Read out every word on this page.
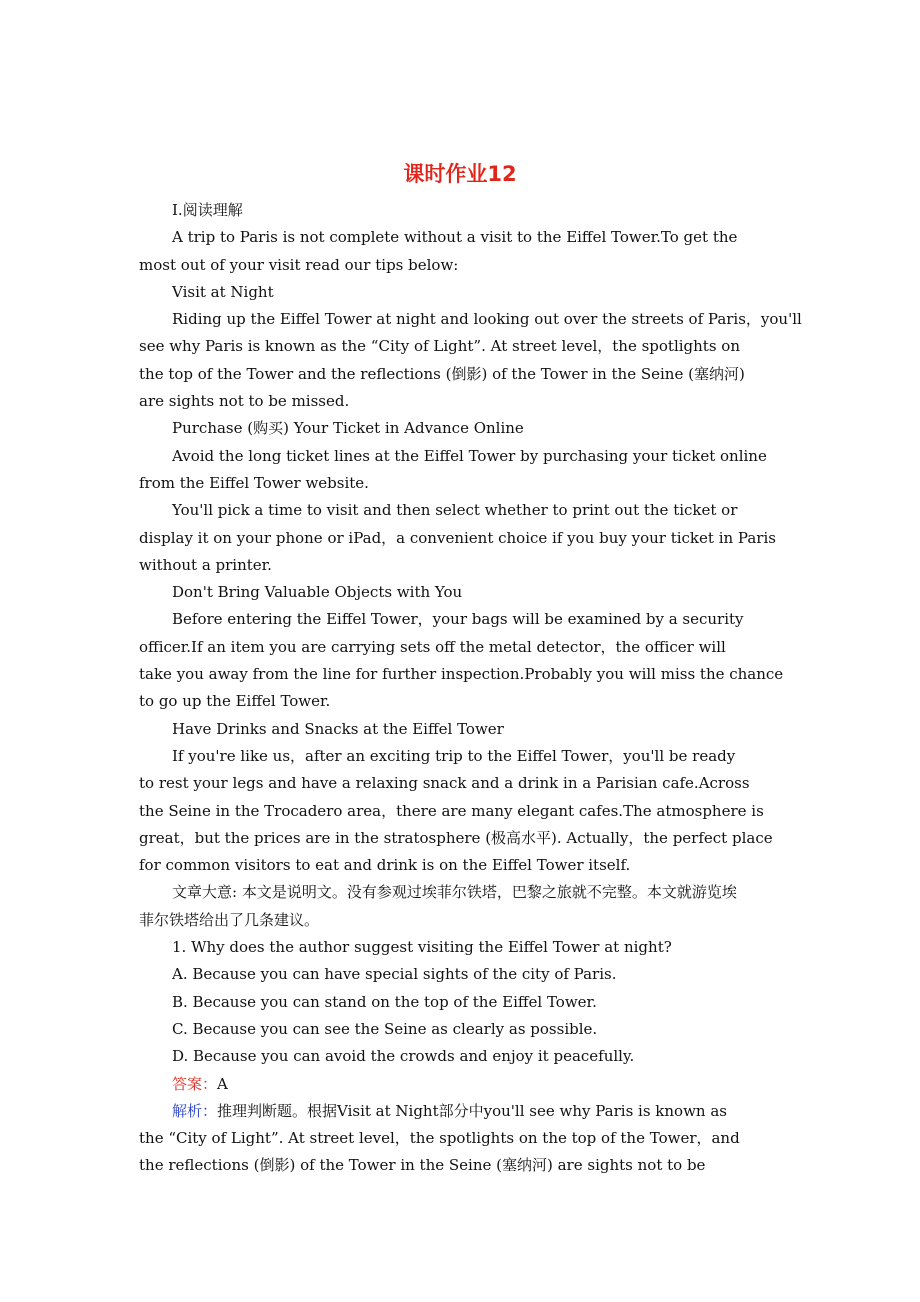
课时作业12
Ⅰ.阅读理解
A trip to Paris is not complete without a visit to the Eiffel Tower.To get the
most out of your visit read our tips below:
Visit at Night
Riding up the Eiffel Tower at night and looking out over the streets of Paris，you'll
see why Paris is known as the “City of Light”. At street level，the spotlights on
the top of the Tower and the reflections (倒影) of the Tower in the Seine (塞纳河)
are sights not to be missed.
Purchase (购买) Your Ticket in Advance Online
Avoid the long ticket lines at the Eiffel Tower by purchasing your ticket online
from the Eiffel Tower website.
You'll pick a time to visit and then select whether to print out the ticket or
display it on your phone or iPad，a convenient choice if you buy your ticket in Paris
without a printer.
Don't Bring Valuable Objects with You
Before entering the Eiffel Tower，your bags will be examined by a security
officer.If an item you are carrying sets off the metal detector，the officer will
take you away from the line for further inspection.Probably you will miss the chance
to go up the Eiffel Tower.
Have Drinks and Snacks at the Eiffel Tower
If you're like us，after an exciting trip to the Eiffel Tower，you'll be ready
to rest your legs and have a relaxing snack and a drink in a Parisian cafe.Across
the Seine in the Trocadero area，there are many elegant cafes.The atmosphere is
great，but the prices are in the stratosphere (极高水平). Actually，the perfect place
for common visitors to eat and drink is on the Eiffel Tower itself.
文章大意: 本文是说明文。没有参观过埃菲尔铁塔，巴黎之旅就不完整。本文就游览埃
菲尔铁塔给出了几条建议。
1. Why does the author suggest visiting the Eiffel Tower at night?
A. Because you can have special sights of the city of Paris.
B. Because you can stand on the top of the Eiffel Tower.
C. Because you can see the Seine as clearly as possible.
D. Because you can avoid the crowds and enjoy it peacefully.
答案：A
解析：推理判断题。根据Visit at Night部分中you'll see why Paris is known as
the “City of Light”. At street level，the spotlights on the top of the Tower，and
the reflections (倒影) of the Tower in the Seine (塞纳河) are sights not to be
